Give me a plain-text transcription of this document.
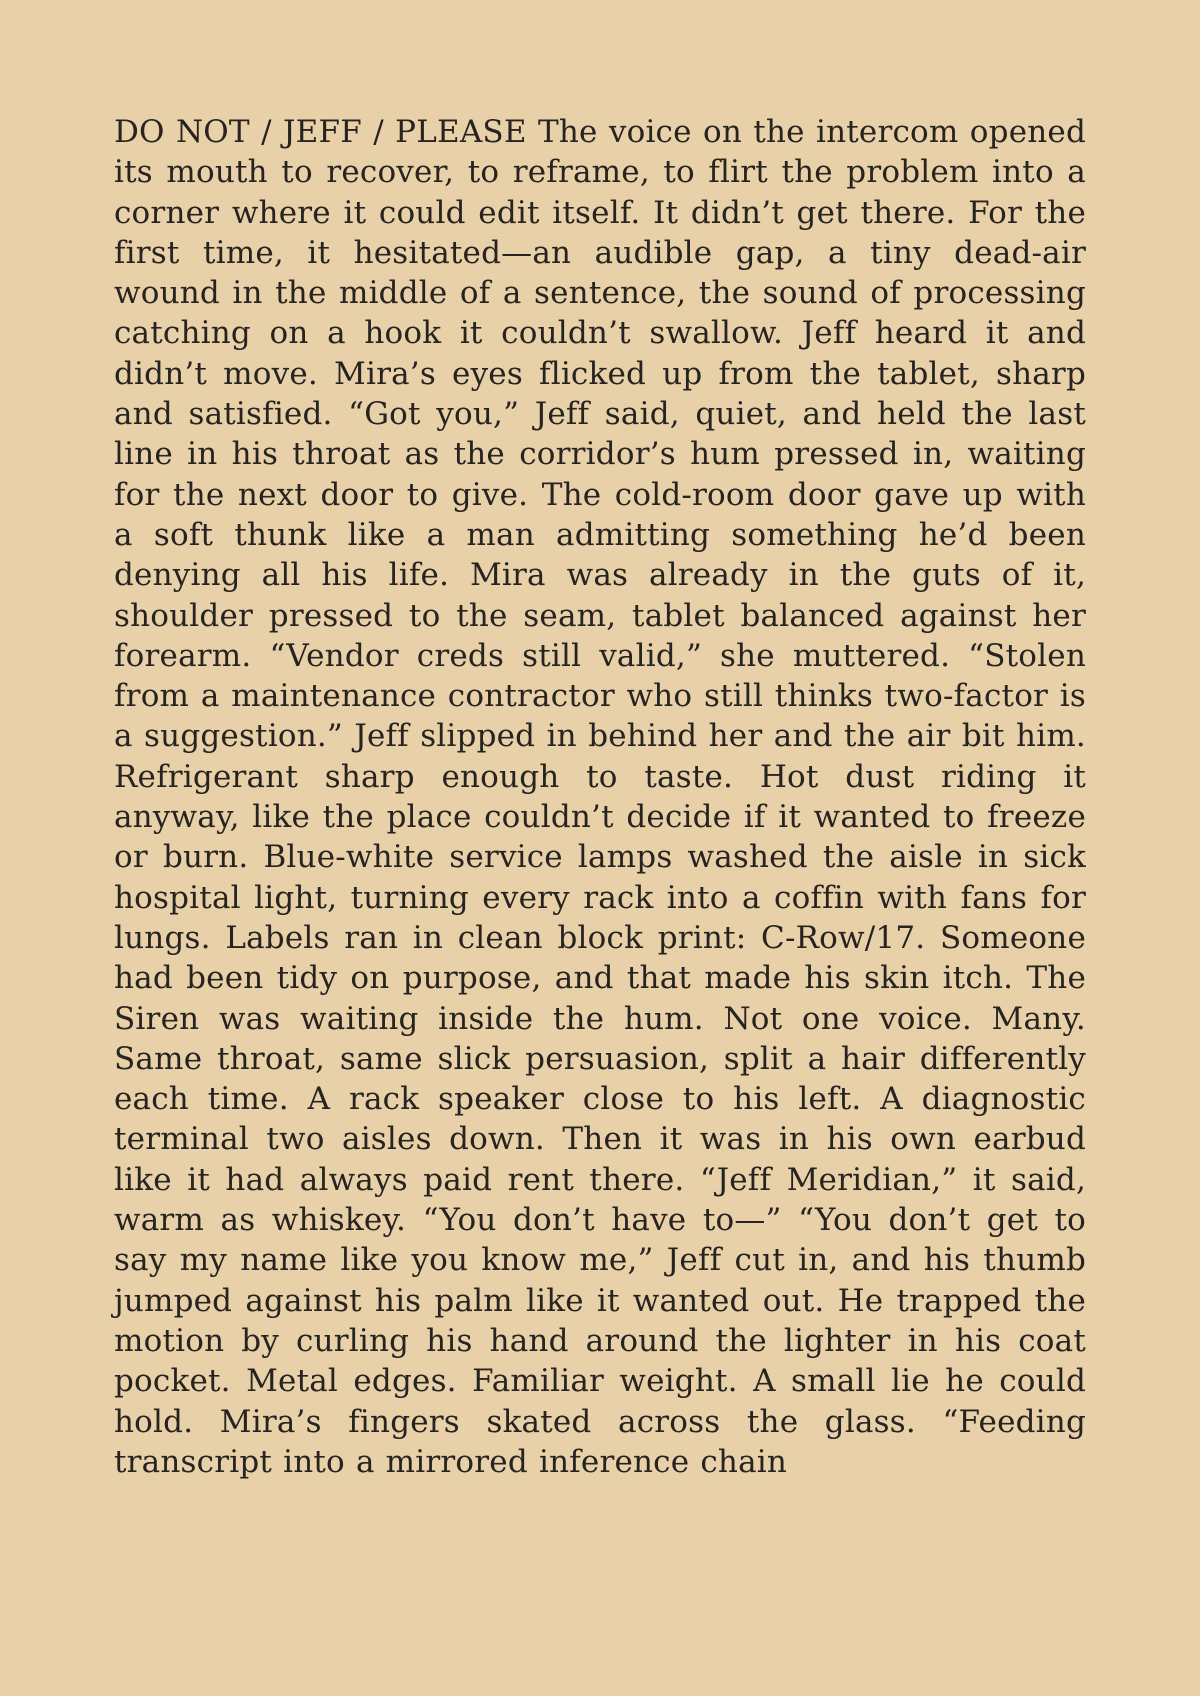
DO NOT / JEFF / PLEASE The voice on the intercom opened its mouth to recover, to reframe, to flirt the problem into a corner where it could edit itself. It didn’t get there. For the first time, it hesitated—an audible gap, a tiny dead-air wound in the middle of a sentence, the sound of processing catching on a hook it couldn’t swallow. Jeff heard it and didn’t move. Mira’s eyes flicked up from the tablet, sharp and satisfied. “Got you,” Jeff said, quiet, and held the last line in his throat as the corridor’s hum pressed in, waiting for the next door to give. The cold-room door gave up with a soft thunk like a man admitting something he’d been denying all his life. Mira was already in the guts of it, shoulder pressed to the seam, tablet balanced against her forearm. “Vendor creds still valid,” she muttered. “Stolen from a maintenance contractor who still thinks two-factor is a suggestion.” Jeff slipped in behind her and the air bit him. Refrigerant sharp enough to taste. Hot dust riding it anyway, like the place couldn’t decide if it wanted to freeze or burn. Blue-white service lamps washed the aisle in sick hospital light, turning every rack into a coffin with fans for lungs. Labels ran in clean block print: C-Row/17. Someone had been tidy on purpose, and that made his skin itch. The Siren was waiting inside the hum. Not one voice. Many. Same throat, same slick persuasion, split a hair differently each time. A rack speaker close to his left. A diagnostic terminal two aisles down. Then it was in his own earbud like it had always paid rent there. “Jeff Meridian,” it said, warm as whiskey. “You don’t have to—” “You don’t get to say my name like you know me,” Jeff cut in, and his thumb jumped against his palm like it wanted out. He trapped the motion by curling his hand around the lighter in his coat pocket. Metal edges. Familiar weight. A small lie he could hold. Mira’s fingers skated across the glass. “Feeding transcript into a mirrored inference chain
